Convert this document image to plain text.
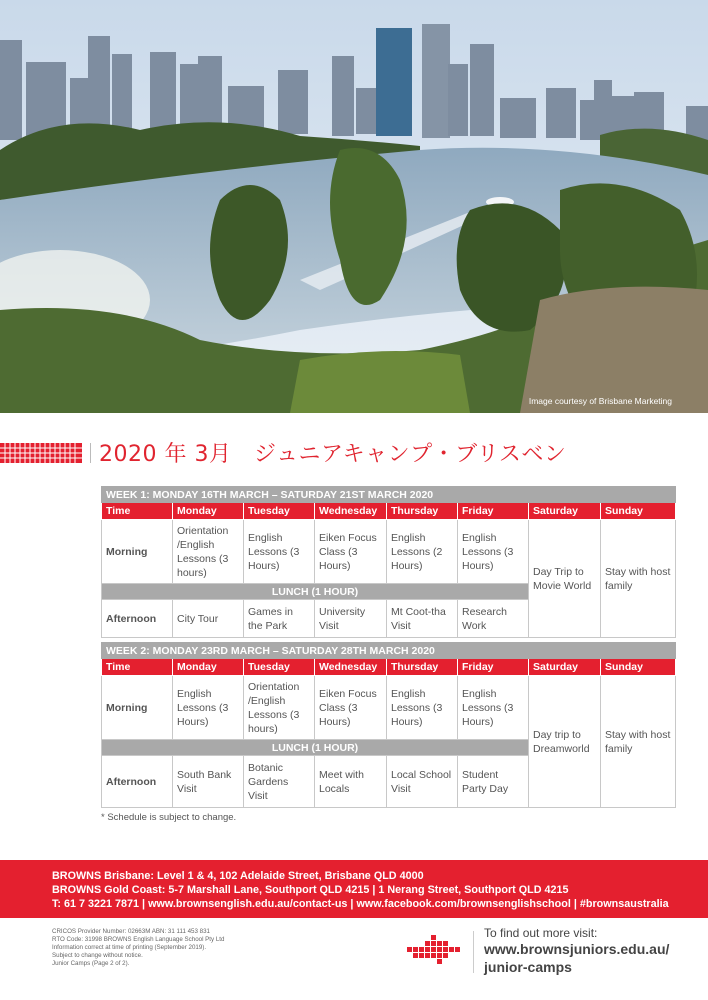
Image courtesy of Brisbane Marketing
2020 年 3月　ジュニアキャンプ・ブリスベン
WEEK 1: MONDAY 16TH MARCH – SATURDAY 21ST MARCH 2020							
Time	Monday	Tuesday	Wednesday	Thursday	Friday	Saturday	Sunday
Morning	Orientation /English Lessons (3 hours)	English Lessons (3 Hours)	Eiken Focus Class (3 Hours)	English Lessons (2 Hours)	English Lessons (3 Hours)	Day Trip to Movie World	Stay with host family
LUNCH (1 HOUR)							
Afternoon	City Tour	Games in the Park	University Visit	Mt Coot-tha Visit	Research Work		
WEEK 2: MONDAY 23RD MARCH – SATURDAY 28TH MARCH 2020							
Time	Monday	Tuesday	Wednesday	Thursday	Friday	Saturday	Sunday
Morning	English Lessons (3 Hours)	Orientation /English Lessons (3 hours)	Eiken Focus Class (3 Hours)	English Lessons (3 Hours)	English Lessons (3 Hours)	Day trip to Dreamworld	Stay with host family
LUNCH (1 HOUR)							
Afternoon	South Bank Visit	Botanic Gardens Visit	Meet with Locals	Local School Visit	Student Party Day		
* Schedule is subject to change.
BROWNS Brisbane: Level 1 & 4, 102 Adelaide Street, Brisbane QLD 4000
BROWNS Gold Coast: 5-7 Marshall Lane, Southport QLD 4215 | 1 Nerang Street, Southport QLD 4215
T: 61 7 3221 7871 | www.brownsenglish.edu.au/contact-us | www.facebook.com/brownsenglishschool | #brownsaustralia
CRICOS Provider Number: 02663M ABN: 31 111 453 831
RTO Code: 31998 BROWNS English Language School Pty Ltd
Information correct at time of printing (September 2019).
Subject to change without notice.
Junior Camps (Page 2 of 2).
To find out more visit:
www.brownsjuniors.edu.au/
junior-camps
